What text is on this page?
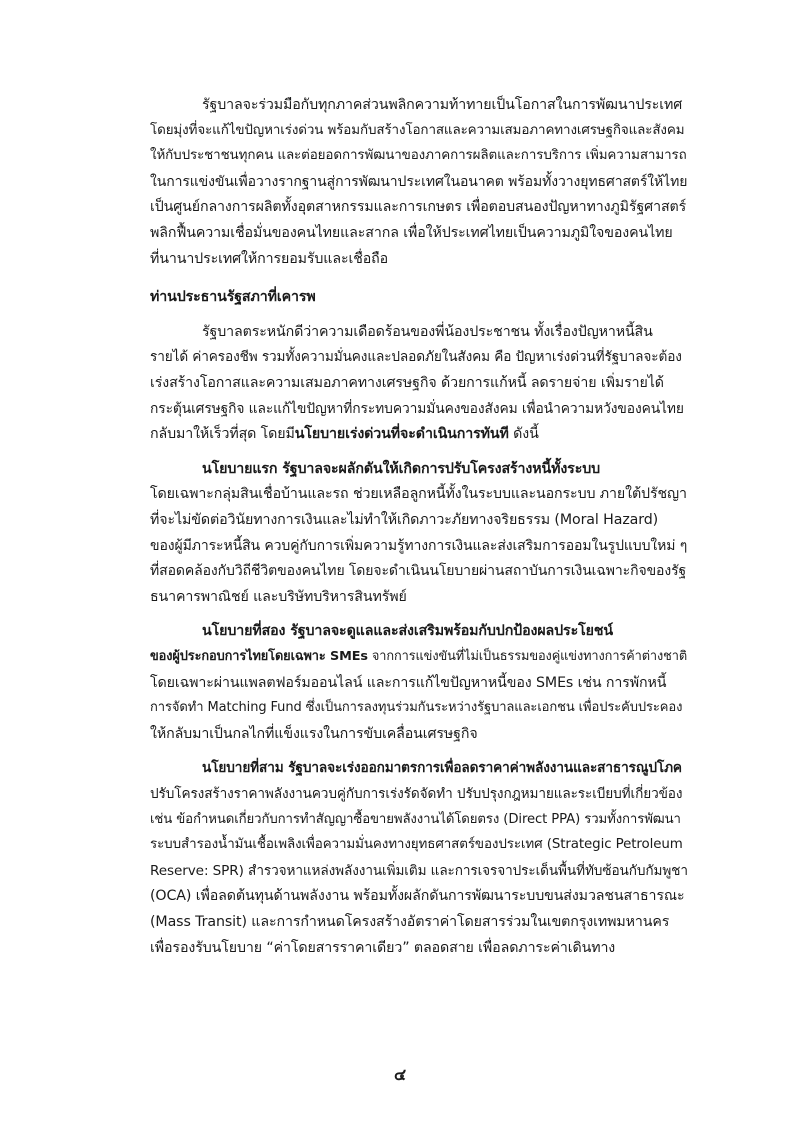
รัฐบาลจะร่วมมือกับทุกภาคส่วนพลิกความท้าทายเป็นโอกาสในการพัฒนาประเทศ
โดยมุ่งที่จะแก้ไขปัญหาเร่งด่วน พร้อมกับสร้างโอกาสและความเสมอภาคทางเศรษฐกิจและสังคม
ให้กับประชาชนทุกคน และต่อยอดการพัฒนาของภาคการผลิตและการบริการ เพิ่มความสามารถ
ในการแข่งขันเพื่อวางรากฐานสู่การพัฒนาประเทศในอนาคต พร้อมทั้งวางยุทธศาสตร์ให้ไทย
เป็นศูนย์กลางการผลิตทั้งอุตสาหกรรมและการเกษตร เพื่อตอบสนองปัญหาทางภูมิรัฐศาสตร์
พลิกฟื้นความเชื่อมั่นของคนไทยและสากล เพื่อให้ประเทศไทยเป็นความภูมิใจของคนไทย
ที่นานาประเทศให้การยอมรับและเชื่อถือ
ท่านประธานรัฐสภาที่เคารพ
รัฐบาลตระหนักดีว่าความเดือดร้อนของพี่น้องประชาชน ทั้งเรื่องปัญหาหนี้สิน
รายได้ ค่าครองชีพ รวมทั้งความมั่นคงและปลอดภัยในสังคม คือ ปัญหาเร่งด่วนที่รัฐบาลจะต้อง
เร่งสร้างโอกาสและความเสมอภาคทางเศรษฐกิจ ด้วยการแก้หนี้ ลดรายจ่าย เพิ่มรายได้
กระตุ้นเศรษฐกิจ และแก้ไขปัญหาที่กระทบความมั่นคงของสังคม เพื่อนำความหวังของคนไทย
กลับมาให้เร็วที่สุด โดยมีนโยบายเร่งด่วนที่จะดำเนินการทันที ดังนี้
นโยบายแรก รัฐบาลจะผลักดันให้เกิดการปรับโครงสร้างหนี้ทั้งระบบ
โดยเฉพาะกลุ่มสินเชื่อบ้านและรถ ช่วยเหลือลูกหนี้ทั้งในระบบและนอกระบบ ภายใต้ปรัชญา
ที่จะไม่ขัดต่อวินัยทางการเงินและไม่ทำให้เกิดภาวะภัยทางจริยธรรม (Moral Hazard)
ของผู้มีภาระหนี้สิน ควบคู่กับการเพิ่มความรู้ทางการเงินและส่งเสริมการออมในรูปแบบใหม่ ๆ
ที่สอดคล้องกับวิถีชีวิตของคนไทย โดยจะดำเนินนโยบายผ่านสถาบันการเงินเฉพาะกิจของรัฐ
ธนาคารพาณิชย์ และบริษัทบริหารสินทรัพย์
นโยบายที่สอง รัฐบาลจะดูแลและส่งเสริมพร้อมกับปกป้องผลประโยชน์
ของผู้ประกอบการไทยโดยเฉพาะ SMEs จากการแข่งขันที่ไม่เป็นธรรมของคู่แข่งทางการค้าต่างชาติ
โดยเฉพาะผ่านแพลตฟอร์มออนไลน์ และการแก้ไขปัญหาหนี้ของ SMEs เช่น การพักหนี้
การจัดทำ Matching Fund ซึ่งเป็นการลงทุนร่วมกันระหว่างรัฐบาลและเอกชน เพื่อประคับประคอง
ให้กลับมาเป็นกลไกที่แข็งแรงในการขับเคลื่อนเศรษฐกิจ
นโยบายที่สาม รัฐบาลจะเร่งออกมาตรการเพื่อลดราคาค่าพลังงานและสาธารณูปโภค
ปรับโครงสร้างราคาพลังงานควบคู่กับการเร่งรัดจัดทำ ปรับปรุงกฎหมายและระเบียบที่เกี่ยวข้อง
เช่น ข้อกำหนดเกี่ยวกับการทำสัญญาซื้อขายพลังงานได้โดยตรง (Direct PPA) รวมทั้งการพัฒนา
ระบบสำรองน้ำมันเชื้อเพลิงเพื่อความมั่นคงทางยุทธศาสตร์ของประเทศ (Strategic Petroleum
Reserve: SPR) สำรวจหาแหล่งพลังงานเพิ่มเติม และการเจรจาประเด็นพื้นที่ทับซ้อนกับกัมพูชา
(OCA) เพื่อลดต้นทุนด้านพลังงาน พร้อมทั้งผลักดันการพัฒนาระบบขนส่งมวลชนสาธารณะ
(Mass Transit) และการกำหนดโครงสร้างอัตราค่าโดยสารร่วมในเขตกรุงเทพมหานคร
เพื่อรองรับนโยบาย “ค่าโดยสารราคาเดียว” ตลอดสาย เพื่อลดภาระค่าเดินทาง
๔
